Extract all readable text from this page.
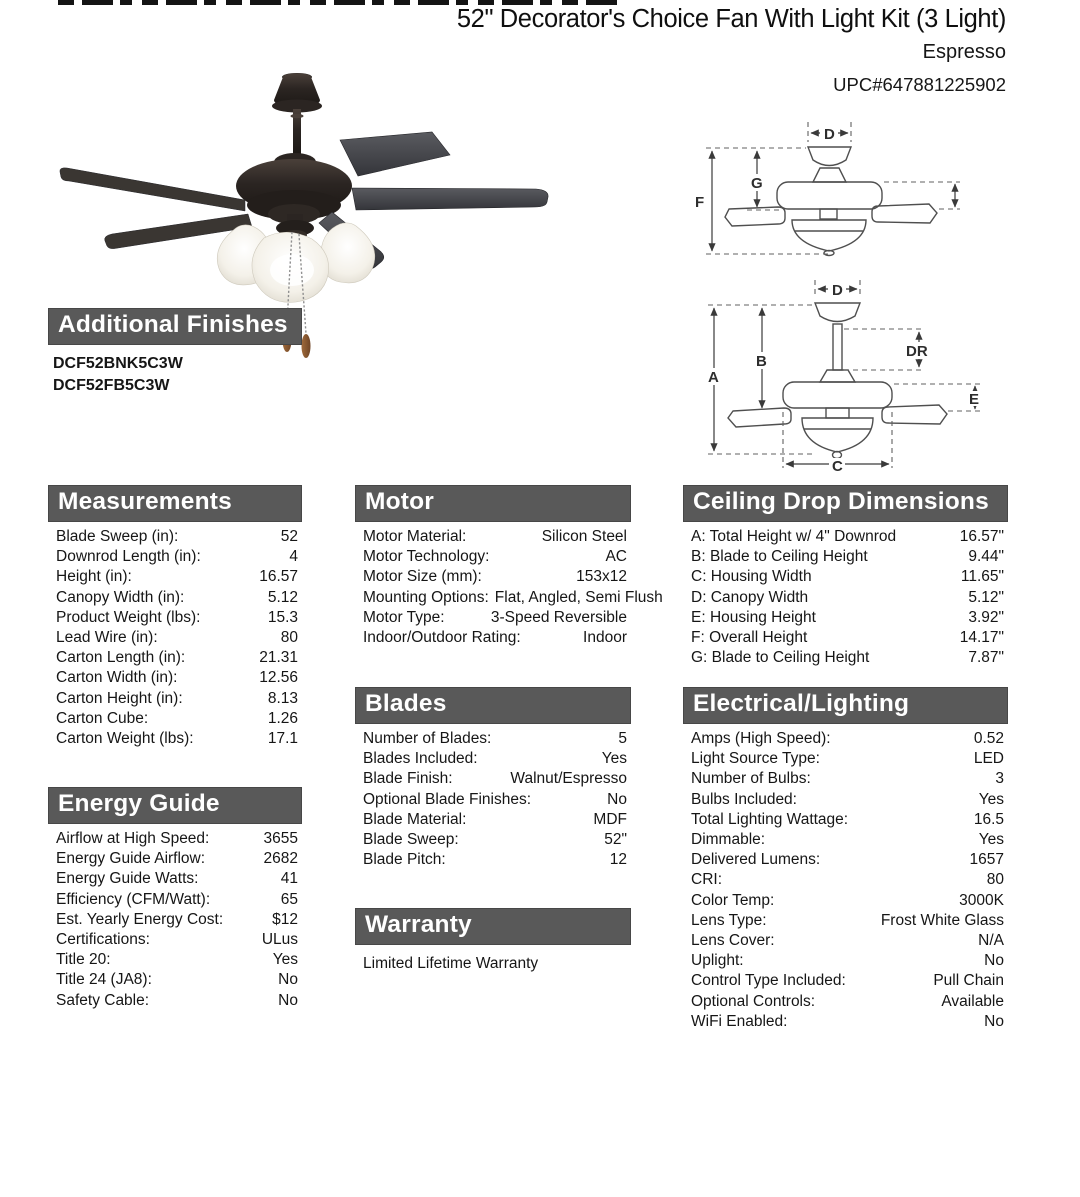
52" Decorator's Choice Fan With Light Kit (3 Light)
Espresso
UPC#647881225902
D
F
G
D
A
B
DR
E
C
Additional Finishes
DCF52BNK5C3W
DCF52FB5C3W
Measurements
Blade Sweep (in):	52
Downrod Length (in):	4
Height (in):	16.57
Canopy Width (in):	5.12
Product Weight (lbs):	15.3
Lead Wire (in):	80
Carton Length (in):	21.31
Carton Width (in):	12.56
Carton Height (in):	8.13
Carton Cube:	1.26
Carton Weight (lbs):	17.1
Energy Guide
Airflow at High Speed:	3655
Energy Guide Airflow:	2682
Energy Guide Watts:	41
Efficiency (CFM/Watt):	65
Est. Yearly Energy Cost:	$12
Certifications:	ULus
Title 20:	Yes
Title 24 (JA8):	No
Safety Cable:	No
Motor
Motor Material:	Silicon Steel
Motor Technology:	AC
Motor Size (mm):	153x12
Mounting Options: Flat, Angled, Semi Flush
Motor Type:	3-Speed Reversible
Indoor/Outdoor Rating:	Indoor
Blades
Number of Blades:	5
Blades Included:	Yes
Blade Finish:	Walnut/Espresso
Optional Blade Finishes:	No
Blade Material:	MDF
Blade Sweep:	52"
Blade Pitch:	12
Warranty
Limited Lifetime Warranty
Ceiling Drop Dimensions
A: Total Height w/ 4" Downrod	16.57"
B: Blade to Ceiling Height	9.44"
C: Housing Width	11.65"
D: Canopy Width	5.12"
E: Housing Height	3.92"
F: Overall Height	14.17"
G: Blade to Ceiling Height	7.87"
Electrical/Lighting
Amps (High Speed):	0.52
Light Source Type:	LED
Number of Bulbs:	3
Bulbs Included:	Yes
Total Lighting Wattage:	16.5
Dimmable:	Yes
Delivered Lumens:	1657
CRI:	80
Color Temp:	3000K
Lens Type:	Frost White Glass
Lens Cover:	N/A
Uplight:	No
Control Type Included:	Pull Chain
Optional Controls:	Available
WiFi Enabled:	No
